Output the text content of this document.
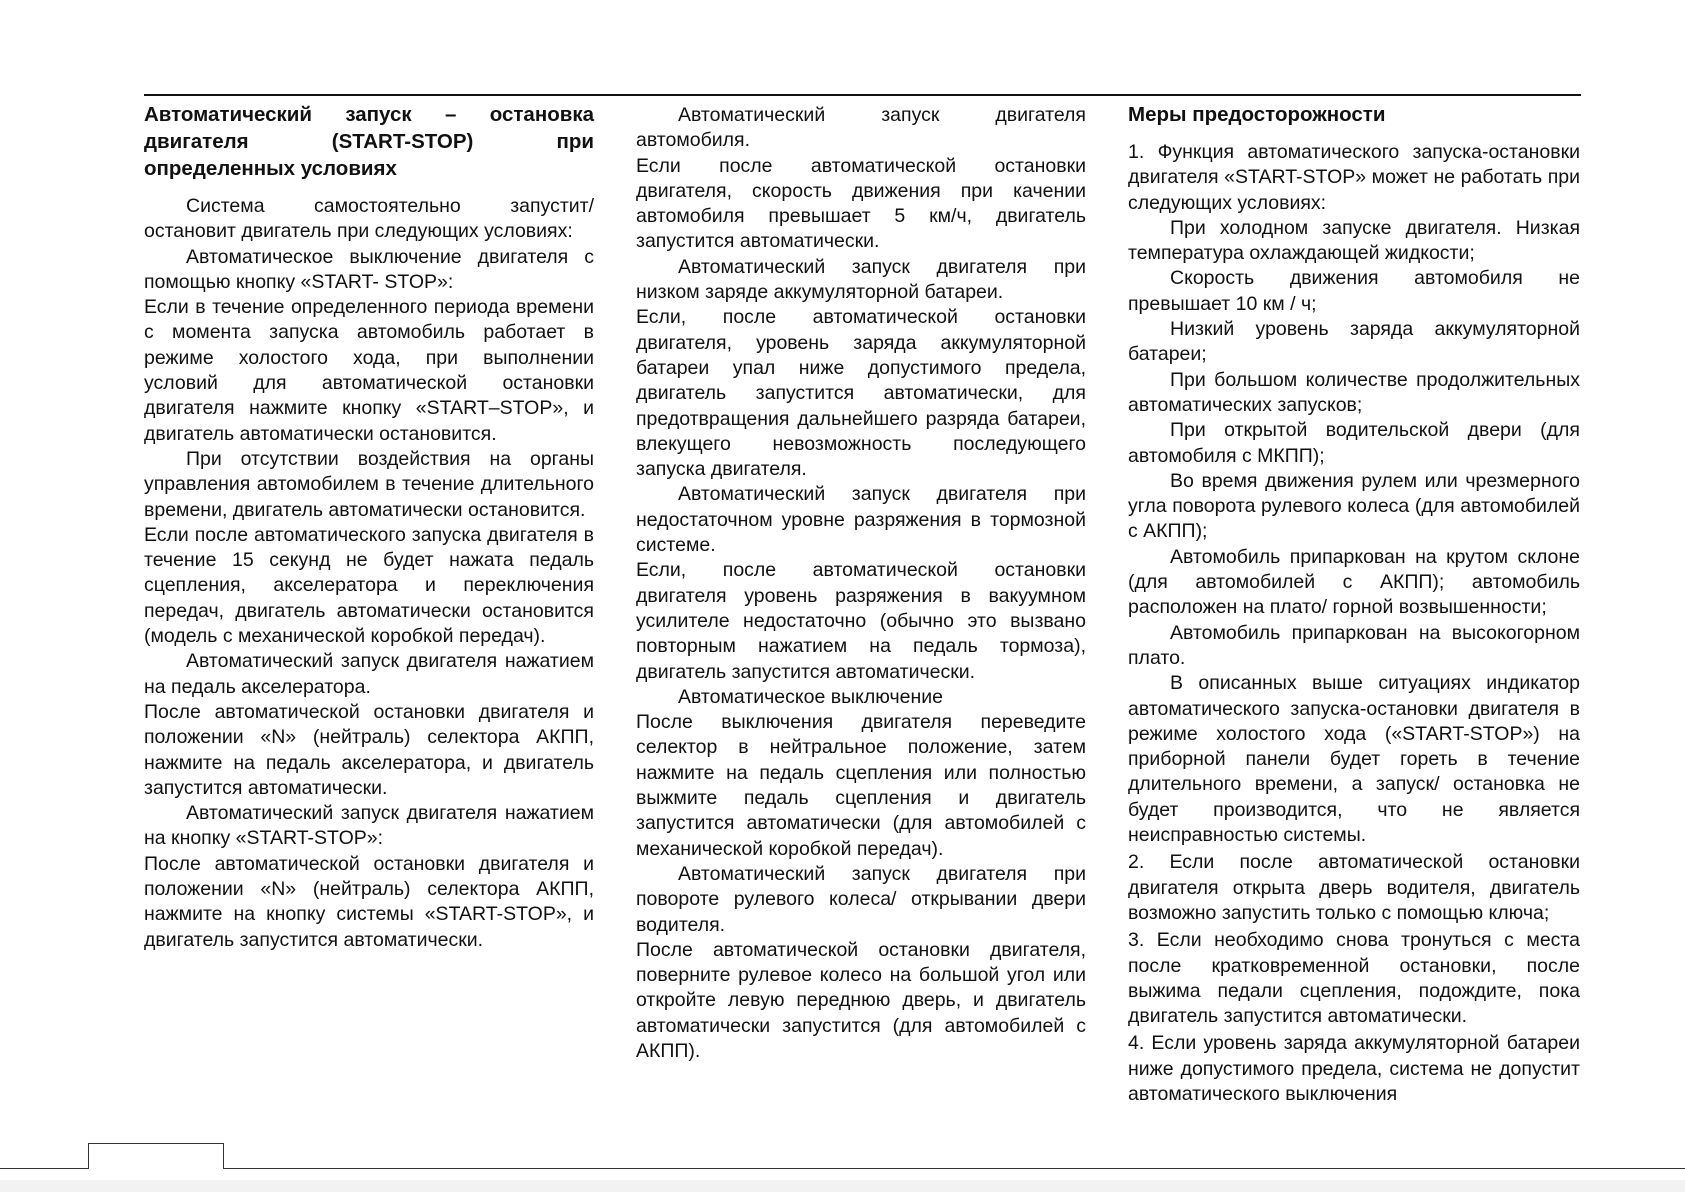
Автоматический запуск – остановка двигателя (START-STOP) при определенных условиях

Система самостоятельно запустит/ остановит двигатель при следующих условиях:

Автоматическое выключение двигателя с помощью кнопку «START- STOP»:

Если в течение определенного периода времени с момента запуска автомобиль работает в режиме холостого хода, при выполнении условий для автоматической остановки двигателя нажмите кнопку «START–STOP», и двигатель автоматически остановится.

При отсутствии воздействия на органы управления автомобилем в течение длительного времени, двигатель автоматически остановится.

Если после автоматического запуска двигателя в течение 15 секунд не будет нажата педаль сцепления, акселератора и переключения передач, двигатель автоматически остановится (модель с механической коробкой передач).

Автоматический запуск двигателя нажатием на педаль акселератора.

После автоматической остановки двигателя и положении «N» (нейтраль) селектора АКПП, нажмите на педаль акселератора, и двигатель запустится автоматически.

Автоматический запуск двигателя нажатием на кнопку «START-STOP»:

После автоматической остановки двигателя и положении «N» (нейтраль) селектора АКПП, нажмите на кнопку системы «START-STOP», и двигатель запустится автоматически.

Автоматический запуск двигателя автомобиля.

Если после автоматической остановки двигателя, скорость движения при качении автомобиля превышает 5 км/ч, двигатель запустится автоматически.

Автоматический запуск двигателя при низком заряде аккумуляторной батареи.

Если, после автоматической остановки двигателя, уровень заряда аккумуляторной батареи упал ниже допустимого предела, двигатель запустится автоматически, для предотвращения дальнейшего разряда батареи, влекущего невозможность последующего запуска двигателя.

Автоматический запуск двигателя при недостаточном уровне разряжения в тормозной системе.

Если, после автоматической остановки двигателя уровень разряжения в вакуумном усилителе недостаточно (обычно это вызвано повторным нажатием на педаль тормоза), двигатель запустится автоматически.

Автоматическое выключение

После выключения двигателя переведите селектор в нейтральное положение, затем нажмите на педаль сцепления или полностью выжмите педаль сцепления и двигатель запустится автоматически (для автомобилей с механической коробкой передач).

Автоматический запуск двигателя при повороте рулевого колеса/ открывании двери водителя.

После автоматической остановки двигателя, поверните рулевое колесо на большой угол или откройте левую переднюю дверь, и двигатель автоматически запустится (для автомобилей с АКПП).

Меры предосторожности

1. Функция автоматического запуска-остановки двигателя «START-STOP» может не работать при следующих условиях:

При холодном запуске двигателя. Низкая температура охлаждающей жидкости;

Скорость движения автомобиля не превышает 10 км / ч;

Низкий уровень заряда аккумуляторной батареи;

При большом количестве продолжительных автоматических запусков;

При открытой водительской двери (для автомобиля с МКПП);

Во время движения рулем или чрезмерного угла поворота рулевого колеса (для автомобилей с АКПП);

Автомобиль припаркован на крутом склоне (для автомобилей с АКПП); автомобиль расположен на плато/ горной возвышенности;

Автомобиль припаркован на высокогорном плато.

В описанных выше ситуациях индикатор автоматического запуска-остановки двигателя в режиме холостого хода («START-STOP») на приборной панели будет гореть в течение длительного времени, а запуск/ остановка не будет производится, что не является неисправностью системы.

2. Если после автоматической остановки двигателя открыта дверь водителя, двигатель возможно запустить только с помощью ключа;

3. Если необходимо снова тронуться с места после кратковременной остановки, после выжима педали сцепления, подождите, пока двигатель запустится автоматически.

4. Если уровень заряда аккумуляторной батареи ниже допустимого предела, система не допустит автоматического выключения
